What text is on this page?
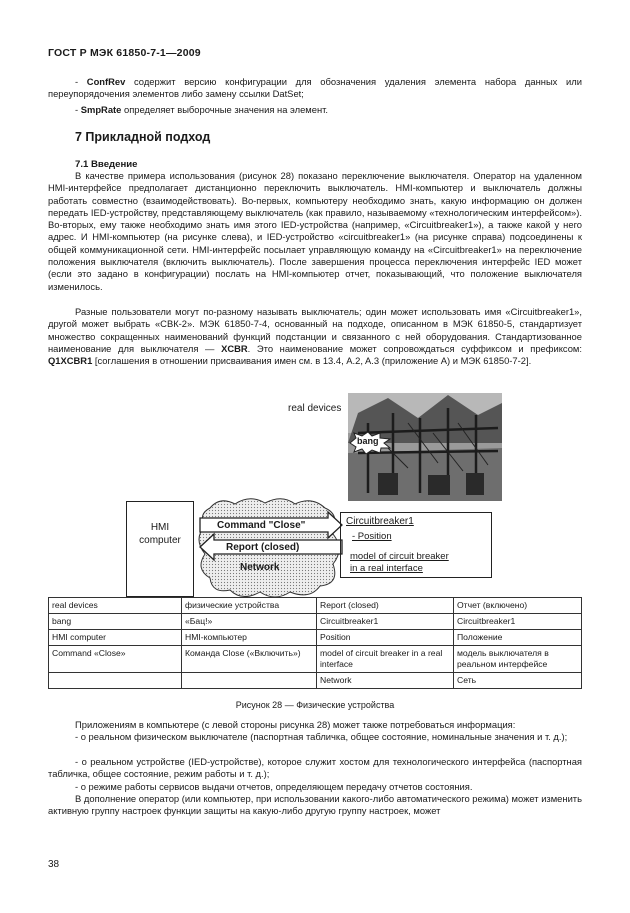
ГОСТ Р МЭК 61850-7-1—2009

- ConfRev содержит версию конфигурации для обозначения удаления элемента набора данных или переупорядочения элементов либо замену ссылки DatSet;

- SmpRate определяет выборочные значения на элемент.

7 Прикладной подход
7.1 Введение

В качестве примера использования (рисунок 28) показано переключение выключателя. Оператор на удаленном HMI-интерфейсе предполагает дистанционно переключить выключатель. HMI-компьютер и выключатель должны работать совместно (взаимодействовать). Во-первых, компьютеру необходимо знать, какую информацию он должен передать IED-устройству, представляющему выключатель (как правило, называемому «технологическим интерфейсом»). Во-вторых, ему также необходимо знать имя этого IED-устройства (например, «Circuitbreaker1»), а также какой у него адрес. И HMI-компьютер (на рисунке слева), и IED-устройство «circuitbreaker1» (на рисунке справа) подсоединены к общей коммуникационной сети. HMI-интерфейс посылает управляющую команду на «Circuitbreaker1» на переключение положения выключателя (включить выключатель). После завершения процесса переключения интерфейс IED может (если это задано в конфигурации) послать на HMI-компьютер отчет, показывающий, что положение выключателя изменилось.

Разные пользователи могут по-разному называть выключатель; один может использовать имя «Circuitbreaker1», другой может выбрать «СВК-2». МЭК 61850-7-4, основанный на подходе, описанном в МЭК 61850-5, стандартизует множество сокращенных наименований функций подстанции и связанного с ней оборудования. Стандартизованное наименование для выключателя — XCBR. Это наименование может сопровождаться суффиксом и префиксом: Q1XCBR1 [соглашения в отношении присваивания имен см. в 13.4, A.2, A.3 (приложение А) и МЭК 61850-7-2].

real devices
bang
HMI
computer
Command "Close"
Report (closed)
Network
Circuitbreaker1
- Position
model of circuit breaker
in a real interface
real devices	физические устройства	Report (closed)	Отчет (включено)
bang	«Бац!»	Circuitbreaker1	Circuitbreaker1
HMI computer	HMI-компьютер	Position	Положение
Command «Close»	Команда Close («Включить»)	model of circuit breaker in a real interface	модель выключателя в реальном интерфейсе
		Network	Сеть
Рисунок 28 — Физические устройства

Приложениям в компьютере (с левой стороны рисунка 28) может также потребоваться информация:

- о реальном физическом выключателе (паспортная табличка, общее состояние, номинальные значения и т. д.);

- о реальном устройстве (IED-устройстве), которое служит хостом для технологического интерфейса (паспортная табличка, общее состояние, режим работы и т. д.);

- о режиме работы сервисов выдачи отчетов, определяющем передачу отчетов состояния.

В дополнение оператор (или компьютер, при использовании какого-либо автоматического режима) может изменить активную группу настроек функции защиты на какую-либо другую группу настроек, может

38
